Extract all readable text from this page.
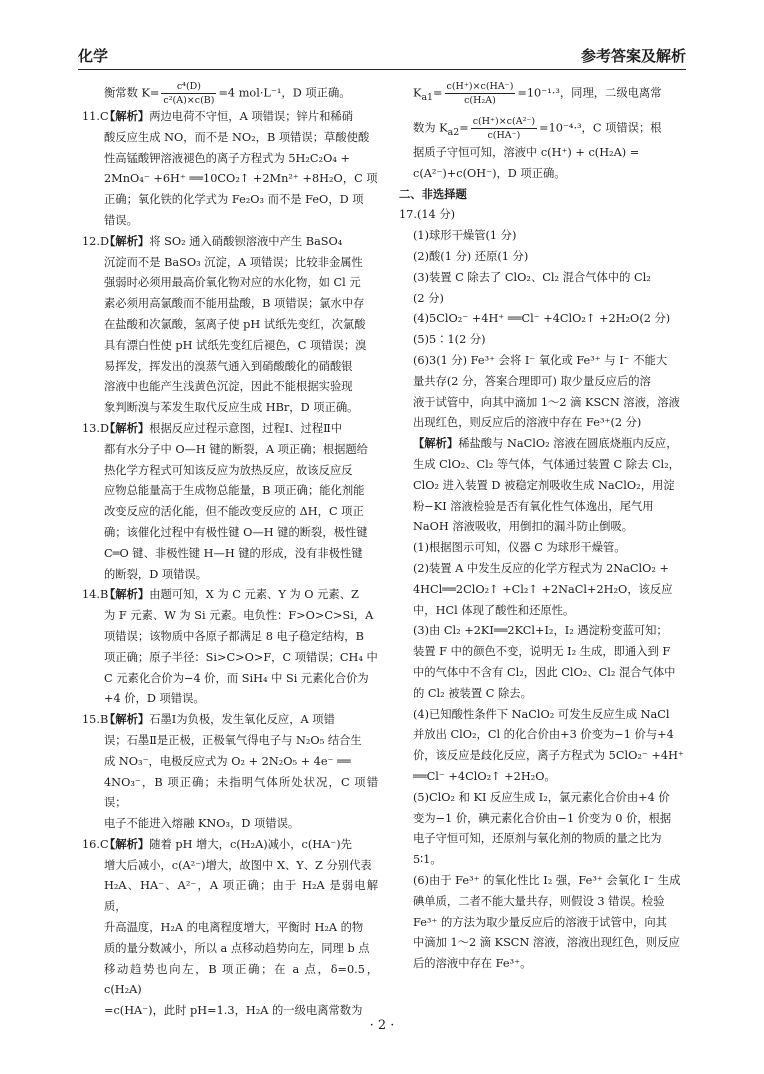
化学	参考答案及解析
衡常数 $K= \frac{\text{c⁴(D)}}{\text{c²(A)×c(B)}} =4$ mol·L⁻¹，D 项正确。
11.C【解析】两边电荷不守恒，A 项错误；锌片和稀硝
酸反应生成 NO，而不是 NO₂，B 项错误；草酸使酸
性高锰酸钾溶液褪色的离子方程式为 5H₂C₂O₄ +
2MnO₄⁻ +6H⁺ ══10CO₂↑ +2Mn²⁺ +8H₂O，C 项
正确；氧化铁的化学式为 Fe₂O₃ 而不是 FeO，D 项
错误。
12.D【解析】将 SO₂ 通入硝酸钡溶液中产生 BaSO₄
沉淀而不是 BaSO₃ 沉淀，A 项错误；比较非金属性
强弱时必须用最高价氧化物对应的水化物，如 Cl 元
素必须用高氯酸而不能用盐酸，B 项错误；氯水中存
在盐酸和次氯酸，氢离子使 pH 试纸先变红，次氯酸
具有漂白性使 pH 试纸先变红后褪色，C 项错误；溴
易挥发，挥发出的溴蒸气通入到硝酸酸化的硝酸银
溶液中也能产生浅黄色沉淀，因此不能根据实验现
象判断溴与苯发生取代反应生成 HBr，D 项正确。
13.D【解析】根据反应过程示意图，过程Ⅰ、过程Ⅱ中
都有水分子中 O—H 键的断裂，A 项正确；根据题给
热化学方程式可知该反应为放热反应，故该反应反
应物总能量高于生成物总能量，B 项正确；能化剂能
改变反应的活化能，但不能改变反应的 ΔH，C 项正
确；该催化过程中有极性键 O—H 键的断裂，极性键
C═O 键、非极性键 H—H 键的形成，没有非极性键
的断裂，D 项错误。
14.B【解析】由题可知，X 为 C 元素、Y 为 O 元素、Z
为 F 元素、W 为 Si 元素。电负性：F>O>C>Si，A
项错误；该物质中各原子都满足 8 电子稳定结构，B
项正确；原子半径：Si>C>O>F，C 项错误；CH₄ 中
C 元素化合价为−4 价，而 SiH₄ 中 Si 元素化合价为
+4 价，D 项错误。
15.B【解析】石墨Ⅰ为负极，发生氧化反应，A 项错
误；石墨Ⅱ是正极，正极氧气得电子与 N₂O₅ 结合生
成 NO₃⁻，电极反应式为 O₂ + 2N₂O₅ + 4e⁻ ══
4NO₃⁻，B 项正确；未指明气体所处状况，C 项错误；
电子不能进入熔融 KNO₃，D 项错误。
16.C【解析】随着 pH 增大，c(H₂A)减小，c(HA⁻)先
增大后减小，c(A²⁻)增大，故图中 X、Y、Z 分别代表
H₂A、HA⁻、A²⁻，A 项正确；由于 H₂A 是弱电解质，
升高温度，H₂A 的电离程度增大，平衡时 H₂A 的物
质的量分数减小，所以 a 点移动趋势向左，同理 b 点
移动趋势也向左，B 项正确；在 a 点，δ=0.5，c(H₂A)
=c(HA⁻)，此时 pH=1.3，H₂A 的一级电离常数为
$K_{a1}= \frac{c(H^+)\times c(HA^-)}{\text{c(H₂A)}} =10^{-1}\cdot^3$，同理，二级电离常
数为 $K_{a2}= \frac{\text{c(H⁺)×c(A²⁻)}}{c(HA^-)} =10^{-4}\cdot^3$，C 项错误；根
据质子守恒可知，溶液中 c(H⁺) + c(H₂A) =
c(A²⁻)+c(OH⁻)，D 项正确。
二、非选择题
17.(14 分)
(1)球形干燥管(1 分)
(2)酸(1 分) 还原(1 分)
(3)装置 C 除去了 ClO₂、Cl₂ 混合气体中的 Cl₂
(2 分)
(4)5ClO₂⁻ +4H⁺ ══Cl⁻ +4ClO₂↑ +2H₂O(2 分)
(5)5∶1(2 分)
(6)3(1 分) Fe³⁺ 会将 I⁻ 氧化或 Fe³⁺ 与 I⁻ 不能大
量共存(2 分，答案合理即可) 取少量反应后的溶
液于试管中，向其中滴加 1～2 滴 KSCN 溶液，溶液
出现红色，则反应后的溶液中存在 Fe³⁺(2 分)
【解析】稀盐酸与 NaClO₂ 溶液在圆底烧瓶内反应，
生成 ClO₂、Cl₂ 等气体，气体通过装置 C 除去 Cl₂，
ClO₂ 进入装置 D 被稳定剂吸收生成 NaClO₂，用淀
粉−KI 溶液检验是否有氧化性气体逸出，尾气用
NaOH 溶液吸收，用倒扣的漏斗防止倒吸。
(1)根据图示可知，仪器 C 为球形干燥管。
(2)装置 A 中发生反应的化学方程式为 2NaClO₂ +
4HCl══2ClO₂↑ +Cl₂↑ +2NaCl+2H₂O，该反应
中，HCl 体现了酸性和还原性。
(3)由 Cl₂ +2KI══2KCl+I₂，I₂ 遇淀粉变蓝可知；
装置 F 中的颜色不变，说明无 I₂ 生成，即通入到 F
中的气体中不含有 Cl₂，因此 ClO₂、Cl₂ 混合气体中
的 Cl₂ 被装置 C 除去。
(4)已知酸性条件下 NaClO₂ 可发生反应生成 NaCl
并放出 ClO₂，Cl 的化合价由+3 价变为−1 价与+4
价，该反应是歧化反应，离子方程式为 5ClO₂⁻ +4H⁺
══Cl⁻ +4ClO₂↑ +2H₂O。
(5)ClO₂ 和 KI 反应生成 I₂，氯元素化合价由+4 价
变为−1 价，碘元素化合价由−1 价变为 0 价，根据
电子守恒可知，还原剂与氧化剂的物质的量之比为
5∶1。
(6)由于 Fe³⁺ 的氧化性比 I₂ 强，Fe³⁺ 会氧化 I⁻ 生成
碘单质，二者不能大量共存，则假设 3 错误。检验
Fe³⁺ 的方法为取少量反应后的溶液于试管中，向其
中滴加 1～2 滴 KSCN 溶液，溶液出现红色，则反应
后的溶液中存在 Fe³⁺。
· 2 ·
